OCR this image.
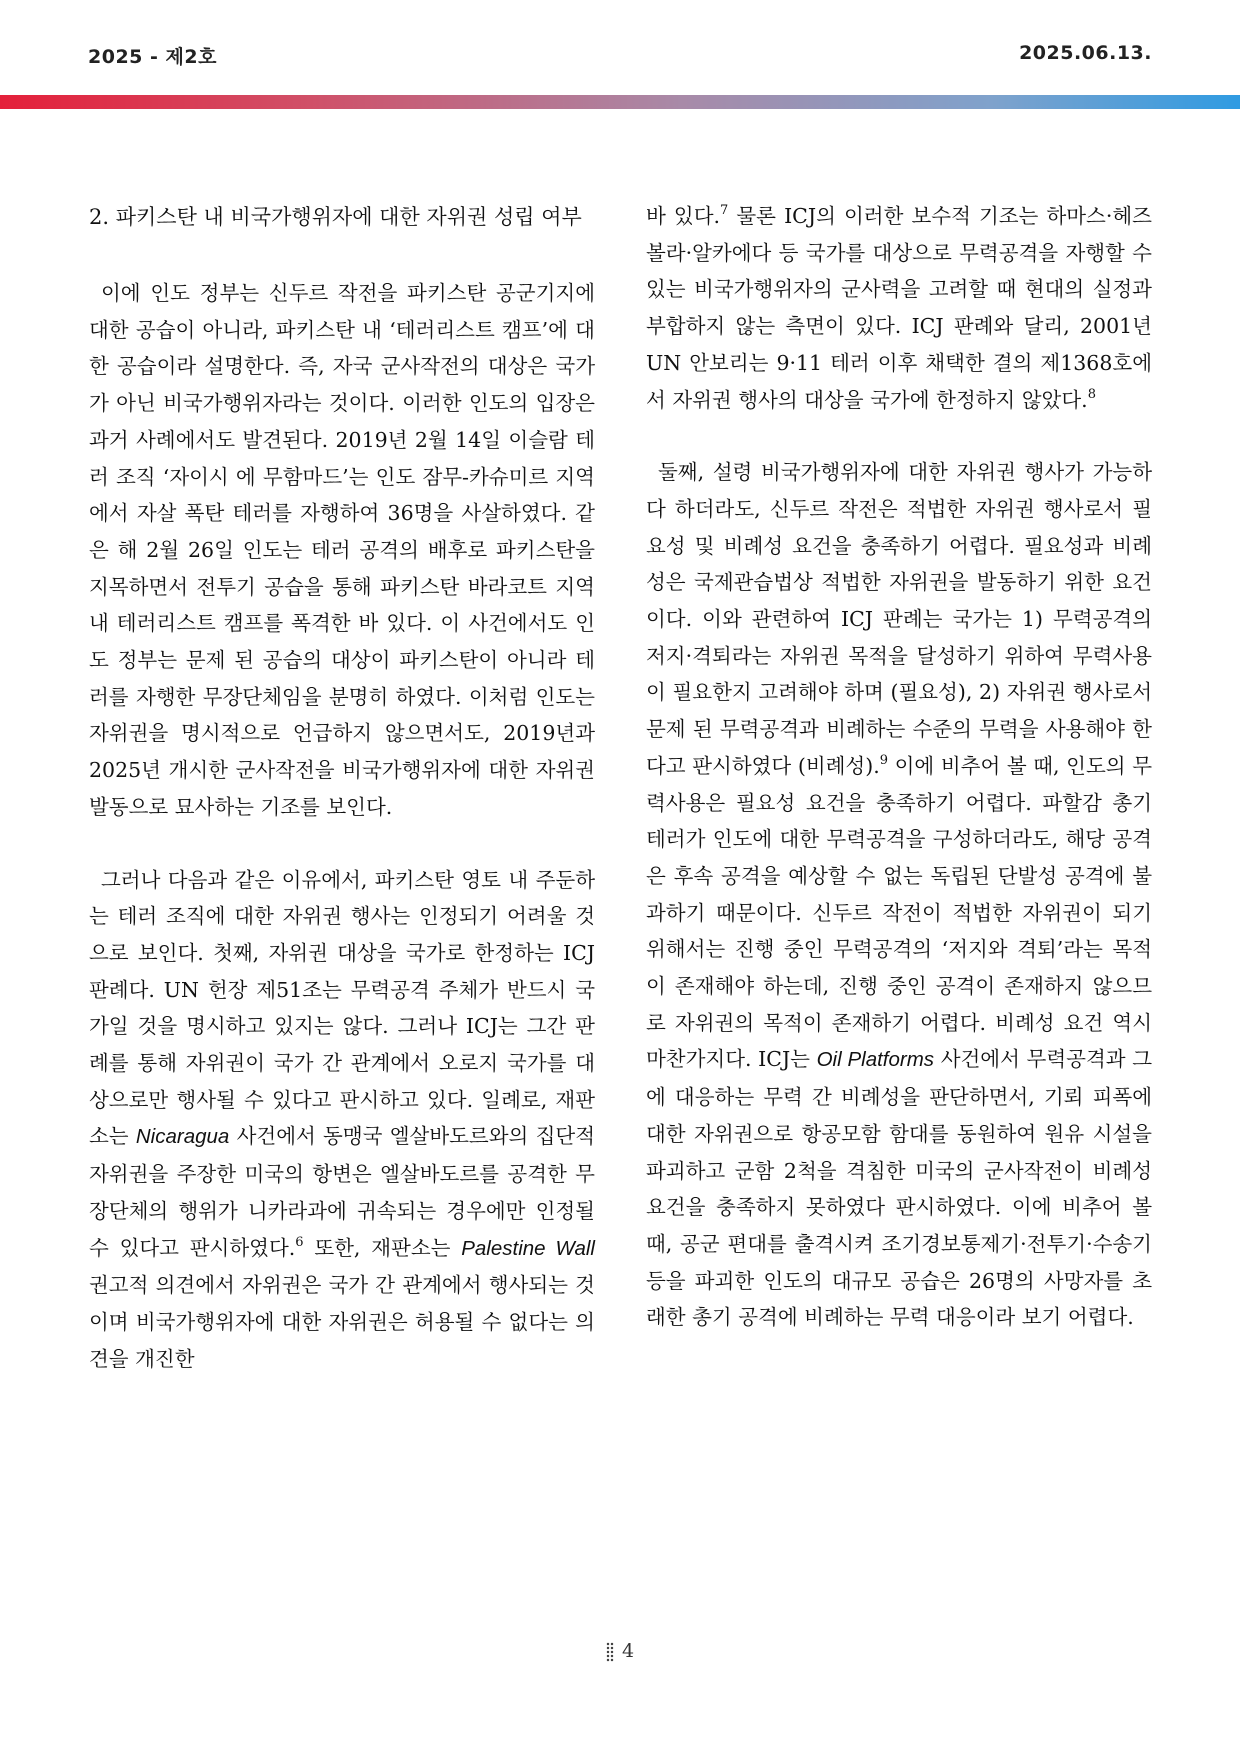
2025 - 제2호	2025.06.13.
2. 파키스탄 내 비국가행위자에 대한 자위권 성립 여부

이에 인도 정부는 신두르 작전을 파키스탄 공군기지에 대한 공습이 아니라, 파키스탄 내 ‘테러리스트 캠프’에 대한 공습이라 설명한다. 즉, 자국 군사작전의 대상은 국가가 아닌 비국가행위자라는 것이다. 이러한 인도의 입장은 과거 사례에서도 발견된다. 2019년 2월 14일 이슬람 테러 조직 ‘자이시 에 무함마드’는 인도 잠무-카슈미르 지역에서 자살 폭탄 테러를 자행하여 36명을 사살하였다. 같은 해 2월 26일 인도는 테러 공격의 배후로 파키스탄을 지목하면서 전투기 공습을 통해 파키스탄 바라코트 지역 내 테러리스트 캠프를 폭격한 바 있다. 이 사건에서도 인도 정부는 문제 된 공습의 대상이 파키스탄이 아니라 테러를 자행한 무장단체임을 분명히 하였다. 이처럼 인도는 자위권을 명시적으로 언급하지 않으면서도, 2019년과 2025년 개시한 군사작전을 비국가행위자에 대한 자위권 발동으로 묘사하는 기조를 보인다.

그러나 다음과 같은 이유에서, 파키스탄 영토 내 주둔하는 테러 조직에 대한 자위권 행사는 인정되기 어려울 것으로 보인다. 첫째, 자위권 대상을 국가로 한정하는 ICJ 판례다. UN 헌장 제51조는 무력공격 주체가 반드시 국가일 것을 명시하고 있지는 않다. 그러나 ICJ는 그간 판례를 통해 자위권이 국가 간 관계에서 오로지 국가를 대상으로만 행사될 수 있다고 판시하고 있다. 일례로, 재판소는 Nicaragua 사건에서 동맹국 엘살바도르와의 집단적 자위권을 주장한 미국의 항변은 엘살바도르를 공격한 무장단체의 행위가 니카라과에 귀속되는 경우에만 인정될 수 있다고 판시하였다.$^6$ 또한, 재판소는 Palestine Wall 권고적 의견에서 자위권은 국가 간 관계에서 행사되는 것이며 비국가행위자에 대한 자위권은 허용될 수 없다는 의견을 개진한

바 있다.$^7$ 물론 ICJ의 이러한 보수적 기조는 하마스·헤즈볼라·알카에다 등 국가를 대상으로 무력공격을 자행할 수 있는 비국가행위자의 군사력을 고려할 때 현대의 실정과 부합하지 않는 측면이 있다. ICJ 판례와 달리, 2001년 UN 안보리는 9·11 테러 이후 채택한 결의 제1368호에서 자위권 행사의 대상을 국가에 한정하지 않았다.$^8$

둘째, 설령 비국가행위자에 대한 자위권 행사가 가능하다 하더라도, 신두르 작전은 적법한 자위권 행사로서 필요성 및 비례성 요건을 충족하기 어렵다. 필요성과 비례성은 국제관습법상 적법한 자위권을 발동하기 위한 요건이다. 이와 관련하여 ICJ 판례는 국가는 1) 무력공격의 저지·격퇴라는 자위권 목적을 달성하기 위하여 무력사용이 필요한지 고려해야 하며 (필요성), 2) 자위권 행사로서 문제 된 무력공격과 비례하는 수준의 무력을 사용해야 한다고 판시하였다 (비례성).$^9$ 이에 비추어 볼 때, 인도의 무력사용은 필요성 요건을 충족하기 어렵다. 파할감 총기 테러가 인도에 대한 무력공격을 구성하더라도, 해당 공격은 후속 공격을 예상할 수 없는 독립된 단발성 공격에 불과하기 때문이다. 신두르 작전이 적법한 자위권이 되기 위해서는 진행 중인 무력공격의 ‘저지와 격퇴’라는 목적이 존재해야 하는데, 진행 중인 공격이 존재하지 않으므로 자위권의 목적이 존재하기 어렵다. 비례성 요건 역시 마찬가지다. ICJ는 Oil Platforms 사건에서 무력공격과 그에 대응하는 무력 간 비례성을 판단하면서, 기뢰 피폭에 대한 자위권으로 항공모함 함대를 동원하여 원유 시설을 파괴하고 군함 2척을 격침한 미국의 군사작전이 비례성 요건을 충족하지 못하였다 판시하였다. 이에 비추어 볼 때, 공군 편대를 출격시켜 조기경보통제기·전투기·수송기 등을 파괴한 인도의 대규모 공습은 26명의 사망자를 초래한 총기 공격에 비례하는 무력 대응이라 보기 어렵다.

4
